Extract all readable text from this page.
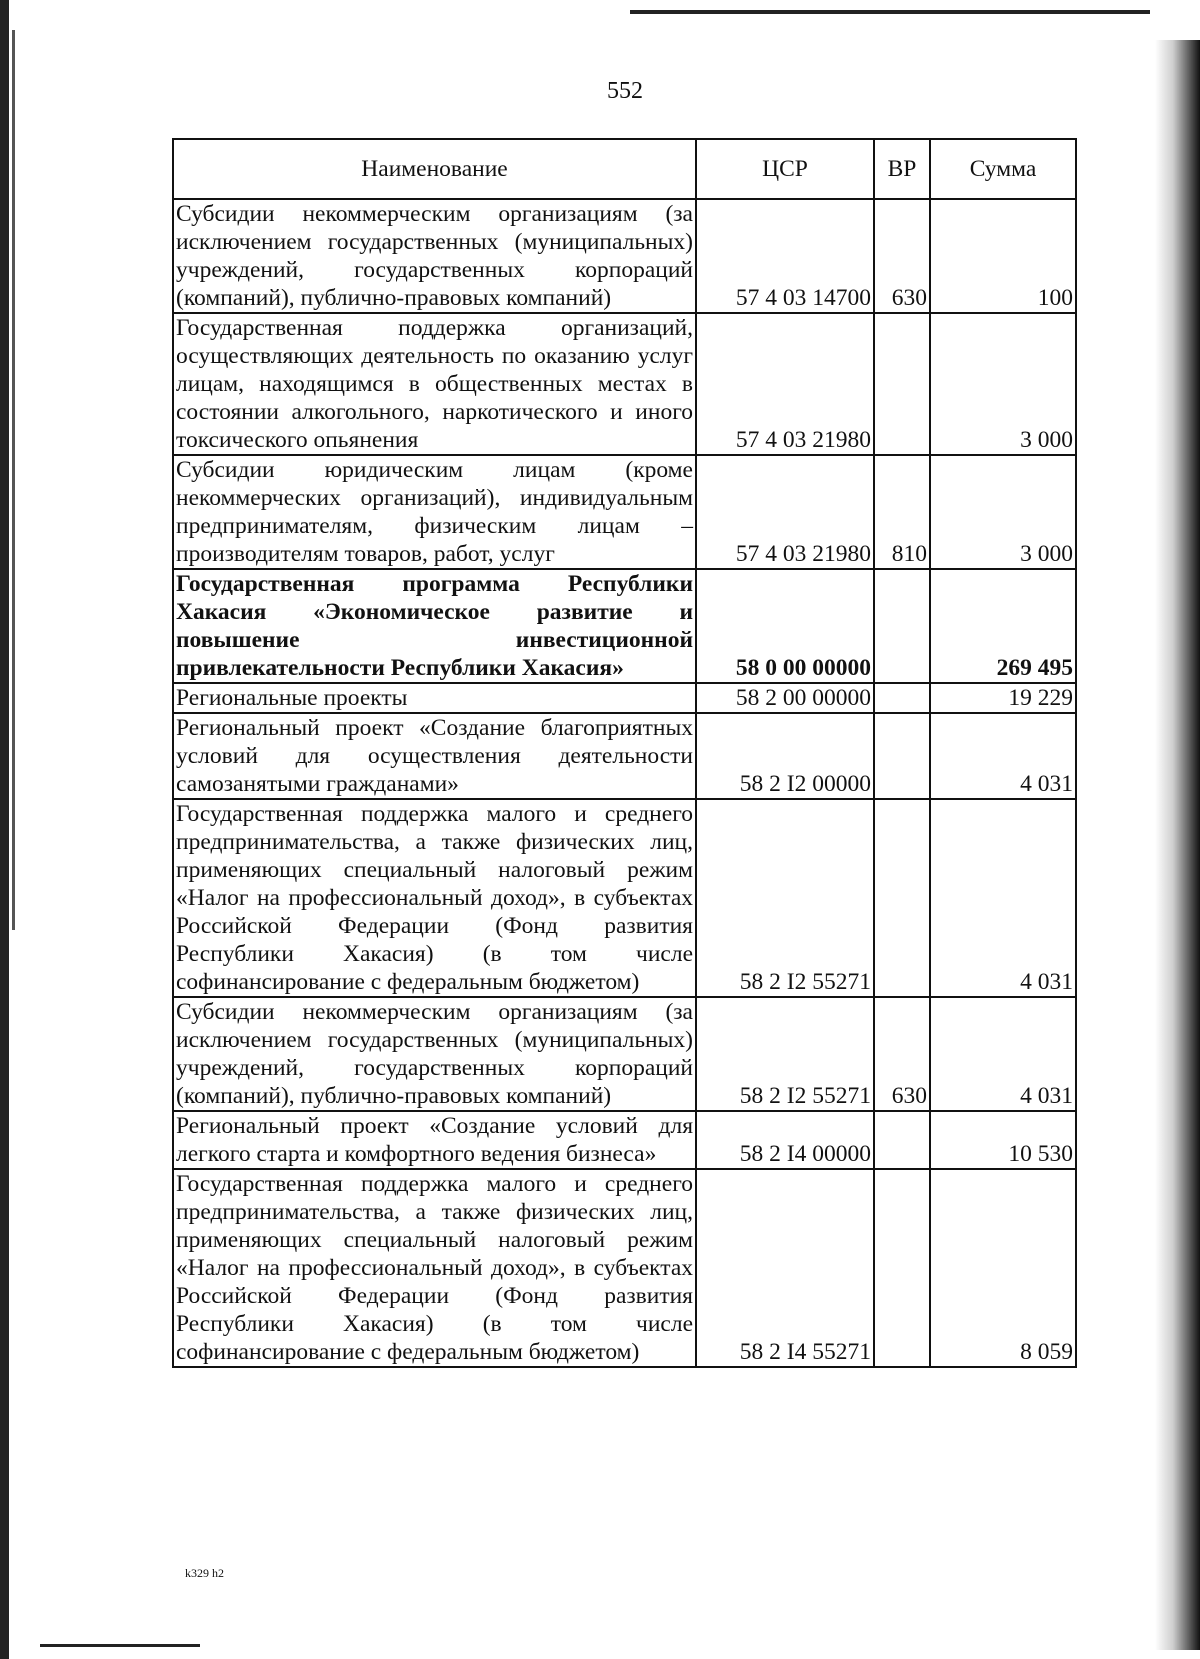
552
Наименование	ЦСР	ВР	Сумма
Субсидии некоммерческим организациям (за исключением государственных (муниципальных) учреждений, государственных корпораций (компаний), публично-правовых компаний)	57 4 03 14700	630	100
Государственная поддержка организаций, осуществляющих деятельность по оказанию услуг лицам, находящимся в общественных местах в состоянии алкогольного, наркотического и иного токсического опьянения	57 4 03 21980		3 000
Субсидии юридическим лицам (кроме некоммерческих организаций), индивидуальным предпринимателям, физическим лицам – производителям товаров, работ, услуг	57 4 03 21980	810	3 000
Государственная программа Республики Хакасия «Экономическое развитие и повышение инвестиционной привлекательности Республики Хакасия»	58 0 00 00000		269 495
Региональные проекты	58 2 00 00000		19 229
Региональный проект «Создание благоприятных условий для осуществления деятельности самозанятыми гражданами»	58 2 I2 00000		4 031
Государственная поддержка малого и среднего предпринимательства, а также физических лиц, применяющих специальный налоговый режим «Налог на профессиональный доход», в субъектах Российской Федерации (Фонд развития Республики Хакасия) (в том числе софинансирование с федеральным бюджетом)	58 2 I2 55271		4 031
Субсидии некоммерческим организациям (за исключением государственных (муниципальных) учреждений, государственных корпораций (компаний), публично-правовых компаний)	58 2 I2 55271	630	4 031
Региональный проект «Создание условий для легкого старта и комфортного ведения бизнеса»	58 2 I4 00000		10 530
Государственная поддержка малого и среднего предпринимательства, а также физических лиц, применяющих специальный налоговый режим «Налог на профессиональный доход», в субъектах Российской Федерации (Фонд развития Республики Хакасия) (в том числе софинансирование с федеральным бюджетом)	58 2 I4 55271		8 059
k329 h2
